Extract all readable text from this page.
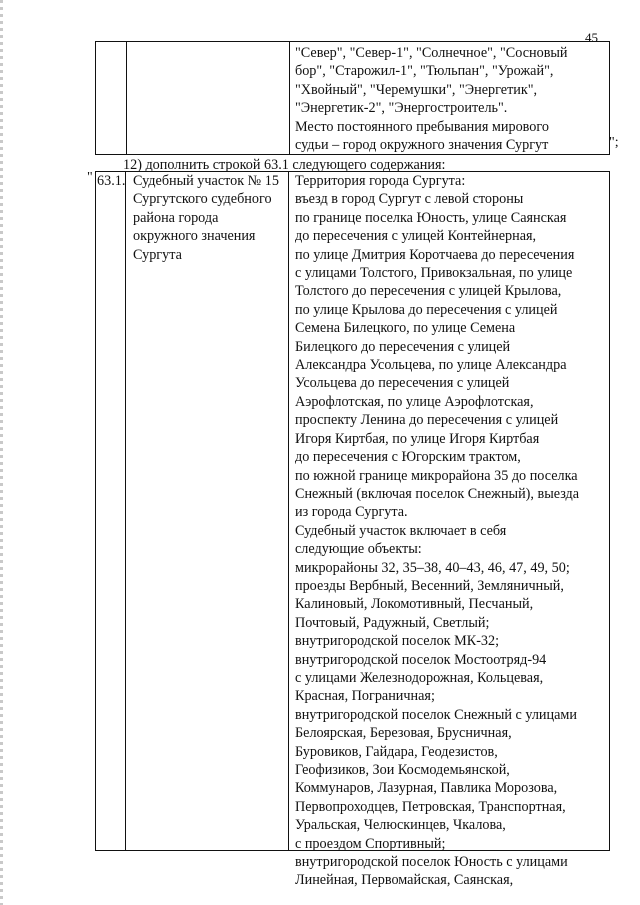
45
"Север", "Север-1", "Солнечное", "Сосновый
бор", "Старожил-1", "Тюльпан", "Урожай",
"Хвойный", "Черемушки", "Энергетик",
"Энергетик-2", "Энергостроитель".
Место постоянного пребывания мирового
судьи – город окружного значения Сургут	";
12) дополнить строкой 63.1 следующего содержания:
" 63.1. Судебный участок № 15
Сургутского судебного
района города
окружного значения
Сургута
Территория города Сургута:
въезд в город Сургут с левой стороны
по границе поселка Юность, улице Саянская
до пересечения с улицей Контейнерная,
по улице Дмитрия Коротчаева до пересечения
с улицами Толстого, Привокзальная, по улице
Толстого до пересечения с улицей Крылова,
по улице Крылова до пересечения с улицей
Семена Билецкого, по улице Семена
Билецкого до пересечения с улицей
Александра Усольцева, по улице Александра
Усольцева до пересечения с улицей
Аэрофлотская, по улице Аэрофлотская,
проспекту Ленина до пересечения с улицей
Игоря Киртбая, по улице Игоря Киртбая
до пересечения с Югорским трактом,
по южной границе микрорайона 35 до поселка
Снежный (включая поселок Снежный), выезда
из города Сургута.
Судебный участок включает в себя
следующие объекты:
микрорайоны 32, 35–38, 40–43, 46, 47, 49, 50;
проезды Вербный, Весенний, Земляничный,
Калиновый, Локомотивный, Песчаный,
Почтовый, Радужный, Светлый;
внутригородской поселок МК-32;
внутригородской поселок Мостоотряд-94
с улицами Железнодорожная, Кольцевая,
Красная, Пограничная;
внутригородской поселок Снежный с улицами
Белоярская, Березовая, Брусничная,
Буровиков, Гайдара, Геодезистов,
Геофизиков, Зои Космодемьянской,
Коммунаров, Лазурная, Павлика Морозова,
Первопроходцев, Петровская, Транспортная,
Уральская, Челюскинцев, Чкалова,
с проездом Спортивный;
внутригородской поселок Юность с улицами
Линейная, Первомайская, Саянская,
